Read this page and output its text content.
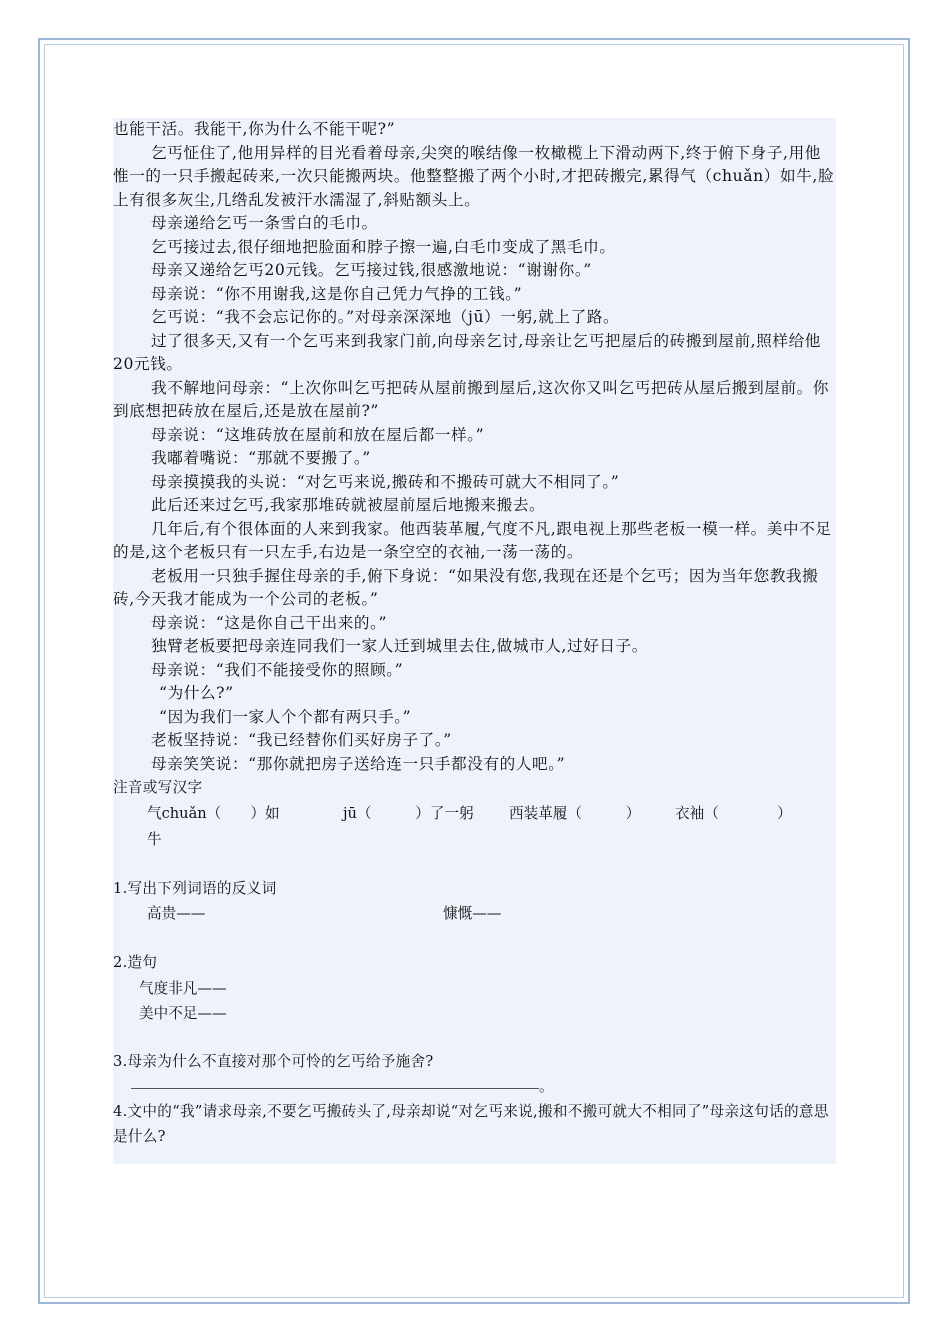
也能干活。我能干,你为什么不能干呢?”

乞丐怔住了,他用异样的目光看着母亲,尖突的喉结像一枚橄榄上下滑动两下,终于俯下身子,用他惟一的一只手搬起砖来,一次只能搬两块。他整整搬了两个小时,才把砖搬完,累得气（chuǎn）如牛,脸上有很多灰尘,几绺乱发被汗水濡湿了,斜贴额头上。

母亲递给乞丐一条雪白的毛巾。

乞丐接过去,很仔细地把脸面和脖子擦一遍,白毛巾变成了黑毛巾。

母亲又递给乞丐20元钱。乞丐接过钱,很感激地说：“谢谢你。”

母亲说：“你不用谢我,这是你自己凭力气挣的工钱。”

乞丐说：“我不会忘记你的。”对母亲深深地（jū）一躬,就上了路。

过了很多天,又有一个乞丐来到我家门前,向母亲乞讨,母亲让乞丐把屋后的砖搬到屋前,照样给他20元钱。

我不解地问母亲：“上次你叫乞丐把砖从屋前搬到屋后,这次你又叫乞丐把砖从屋后搬到屋前。你到底想把砖放在屋后,还是放在屋前?”

母亲说：“这堆砖放在屋前和放在屋后都一样。”

我嘟着嘴说：“那就不要搬了。”

母亲摸摸我的头说：“对乞丐来说,搬砖和不搬砖可就大不相同了。”

此后还来过乞丐,我家那堆砖就被屋前屋后地搬来搬去。

几年后,有个很体面的人来到我家。他西装革履,气度不凡,跟电视上那些老板一模一样。美中不足的是,这个老板只有一只左手,右边是一条空空的衣袖,一荡一荡的。

老板用一只独手握住母亲的手,俯下身说：“如果没有您,我现在还是个乞丐；因为当年您教我搬砖,今天我才能成为一个公司的老板。”

母亲说：“这是你自己干出来的。”

独臂老板要把母亲连同我们一家人迁到城里去住,做城市人,过好日子。

母亲说：“我们不能接受你的照顾。”

“为什么?”

“因为我们一家人个个都有两只手。”

老板坚持说：“我已经替你们买好房子了。”

母亲笑笑说：“那你就把房子送给连一只手都没有的人吧。”

注音或写汉字

气chuǎn（　　）如牛
jū（　　　）了一躬	西装革履（　　　）	衣袖（　　　　）

1.写出下列词语的反义词

高贵——	慷慨——

2.造句

气度非凡——
美中不足——

3.母亲为什么不直接对那个可怜的乞丐给予施舍?

。

4.文中的“我”请求母亲,不要乞丐搬砖头了,母亲却说“对乞丐来说,搬和不搬可就大不相同了”母亲这句话的意思是什么?
